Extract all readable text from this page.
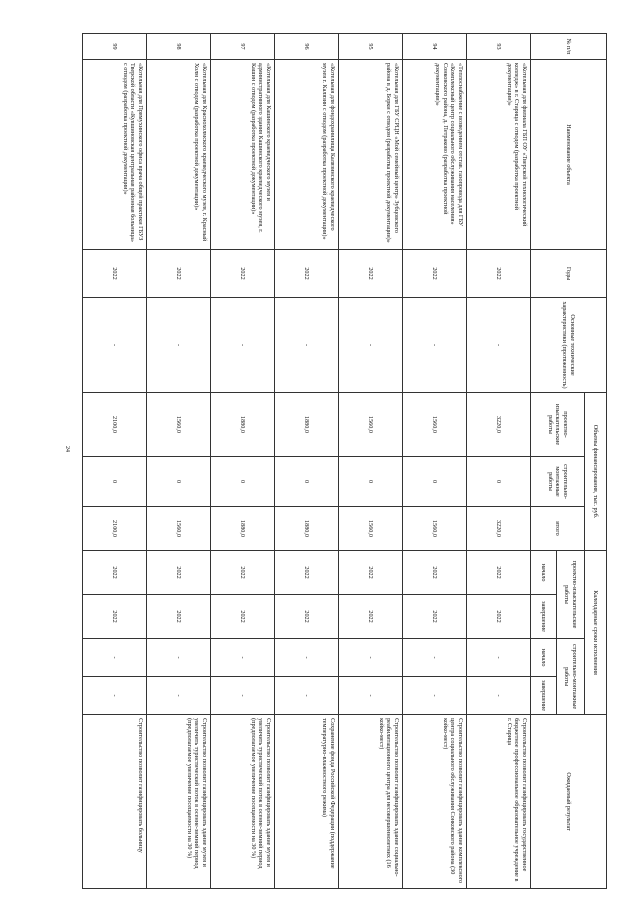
24
№ п/п	Наименование объекта	Годы	Основные технические характеристики (протяженность)	Объемы финансирования, тыс. руб.			Календарные сроки исполнения				Ожидаемый результат
				проектно-изыскательские работы	строительно-монтажные работы	итого	проектно-изыскательские работы		строительно-монтажные работы		
							начало	завершение	начало	завершение	
93	«Котельная для филиала ГБП ОУ «Тверской технологический колледж» в г. Старица с отводом (разработка проектной документации)»	2022	-	3220,0	0	3220,0	2022	2022	-	-	Строительство позволит газифицировать государственное бюджетное профессиональное образовательное учреждение в г. Старица
94	«Теплоснабжение с возведением отстав. газопровода для ГБУ «Комплексный центр социального обслуживания населения» Сонковского района, д. Петраково (разработка проектной документации)»	2022	-	1560,0	0	1560,0	2022	2022	-	-	Строительство позволит газифицировать здание комплексного центра социального обслуживания Сонковского района (30 койко-мест)
95	«Котельная для ГБУ СРЦН «Мой семейный центр» Зубцовского района в д. Борки с отводом (разработка проектной документации)»	2022	-	1560,0	0	1560,0	2022	2022	-	-	Строительство позволит газифицировать здание социально-реабилитационного центра для несовершеннолетних (16 койко-мест)
96	«Котельная для фондохранилища Калязинского краеведческого музея г. Калязин с отводом (разработка проектной документации)»	2022	-	1880,0	0	1880,0	2022	2022	-	-	Сохранение фонда Российской Федерации (поддержание температурно-влажностного режима)
97	«Котельная для Кашинского краеведческого музея и административного здания Кашинского краеведческого музея, г. Кашин с отводом (разработка проектной документации)»	2022	-	1880,0	0	1880,0	2022	2022	-	-	Строительство позволит газифицировать здание музея и увеличить туристический поток в осенне-зимний период (предполагаемое увеличение посещаемости на 30 %)
98	«Котельная для Краснохолмского краеведческого музея, г. Красный Холм с отводом (разработка проектной документации)»	2022	-	1560,0	0	1560,0	2022	2022	-	-	Строительство позволит газифицировать здание музея и увеличить туристический поток в осенне-зимний период (предполагаемое увеличение посещаемости на 30 %)
99	«Котельная для Прямухинского офиса врача общей практики ГБУЗ Тверской области «Кувшиновская центральная районная больница» с отводом (разработка проектной документации)»	2022	-	2100,0	0	2100,0	2022	2022	-	-	Строительство позволит газифицировать больницу
